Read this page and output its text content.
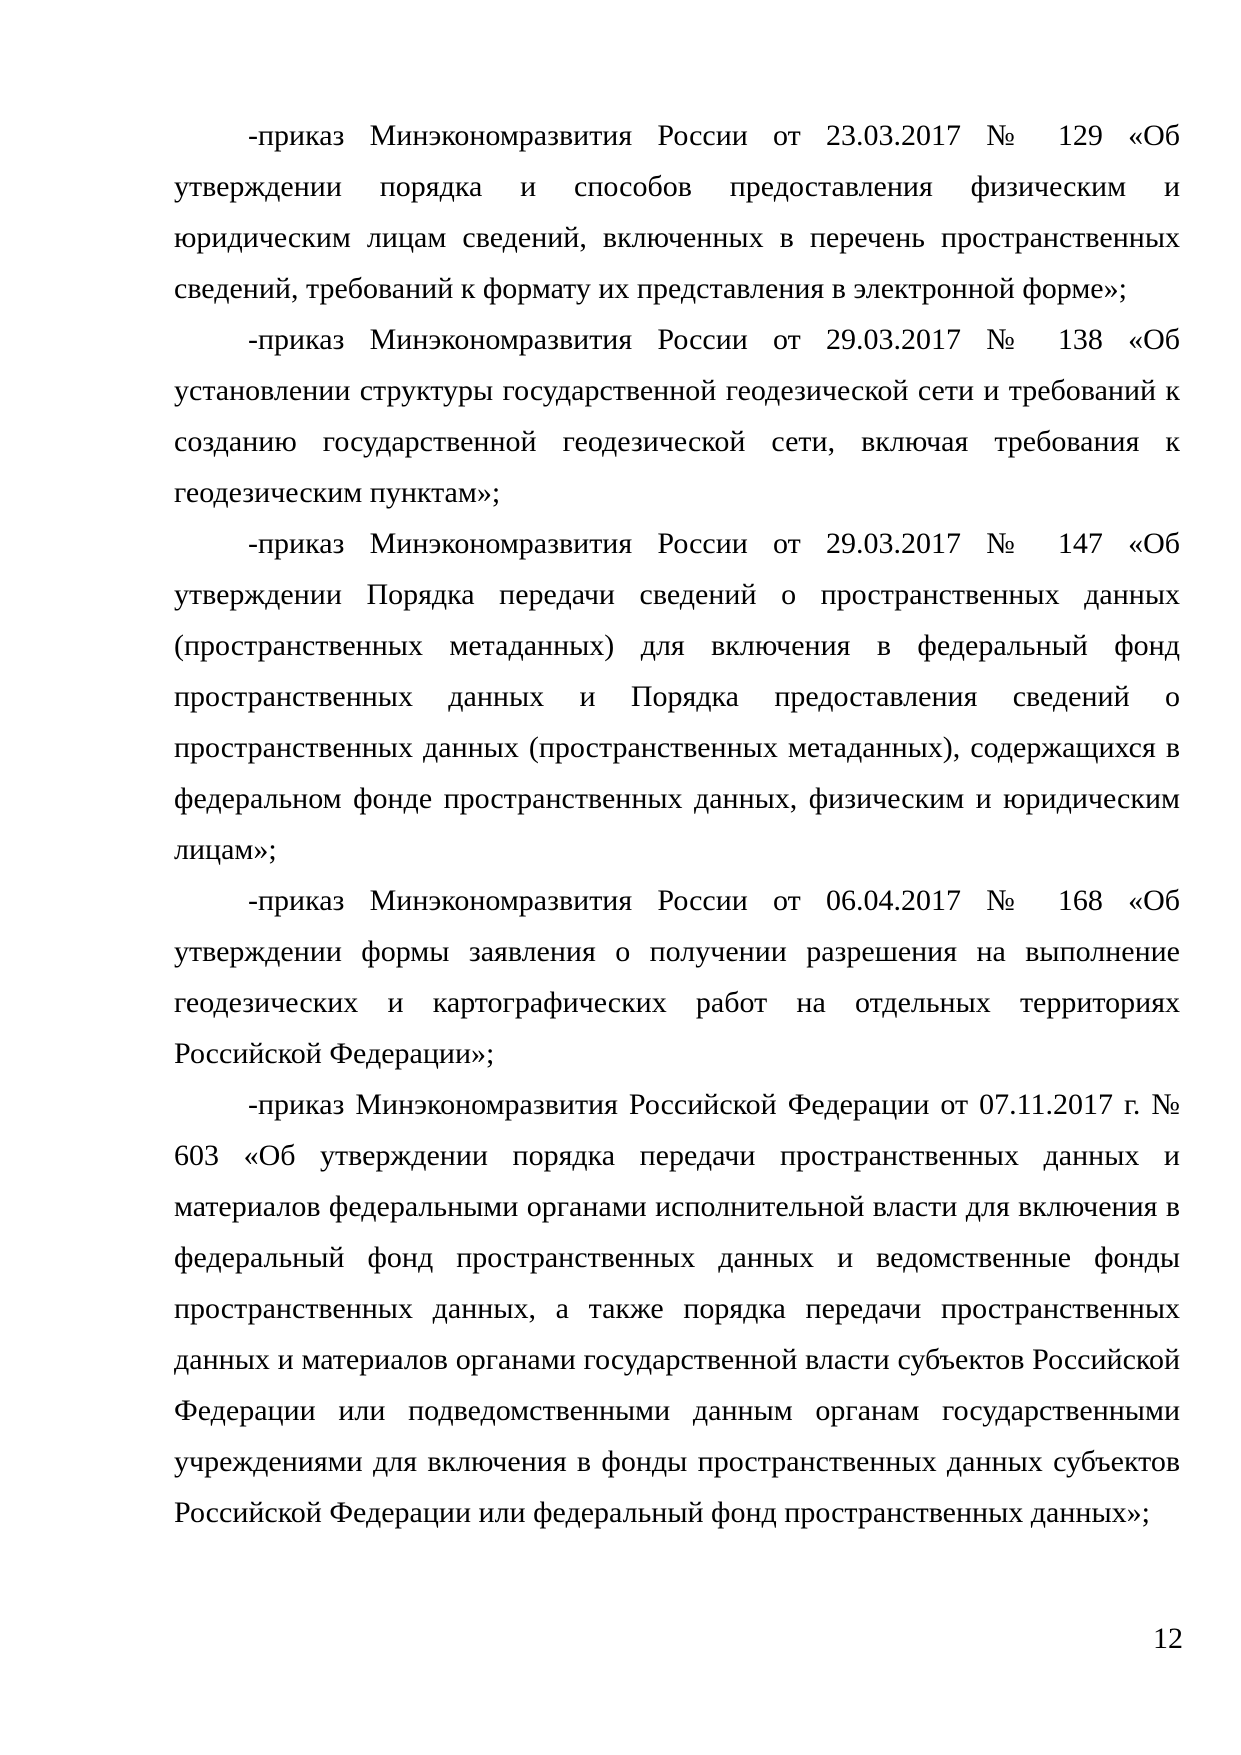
-приказ Минэкономразвития России от 23.03.2017 № 129 «Об утверждении порядка и способов предоставления физическим и юридическим лицам сведений, включенных в перечень пространственных сведений, требований к формату их представления в электронной форме»;

-приказ Минэкономразвития России от 29.03.2017 № 138 «Об установлении структуры государственной геодезической сети и требований к созданию государственной геодезической сети, включая требования к геодезическим пунктам»;

-приказ Минэкономразвития России от 29.03.2017 № 147 «Об утверждении Порядка передачи сведений о пространственных данных (пространственных метаданных) для включения в федеральный фонд пространственных данных и Порядка предоставления сведений о пространственных данных (пространственных метаданных), содержащихся в федеральном фонде пространственных данных, физическим и юридическим лицам»;

-приказ Минэкономразвития России от 06.04.2017 № 168 «Об утверждении формы заявления о получении разрешения на выполнение геодезических и картографических работ на отдельных территориях Российской Федерации»;

-приказ Минэкономразвития Российской Федерации от 07.11.2017 г. № 603 «Об утверждении порядка передачи пространственных данных и материалов федеральными органами исполнительной власти для включения в федеральный фонд пространственных данных и ведомственные фонды пространственных данных, а также порядка передачи пространственных данных и материалов органами государственной власти субъектов Российской Федерации или подведомственными данным органам государственными учреждениями для включения в фонды пространственных данных субъектов Российской Федерации или федеральный фонд пространственных данных»;

12
